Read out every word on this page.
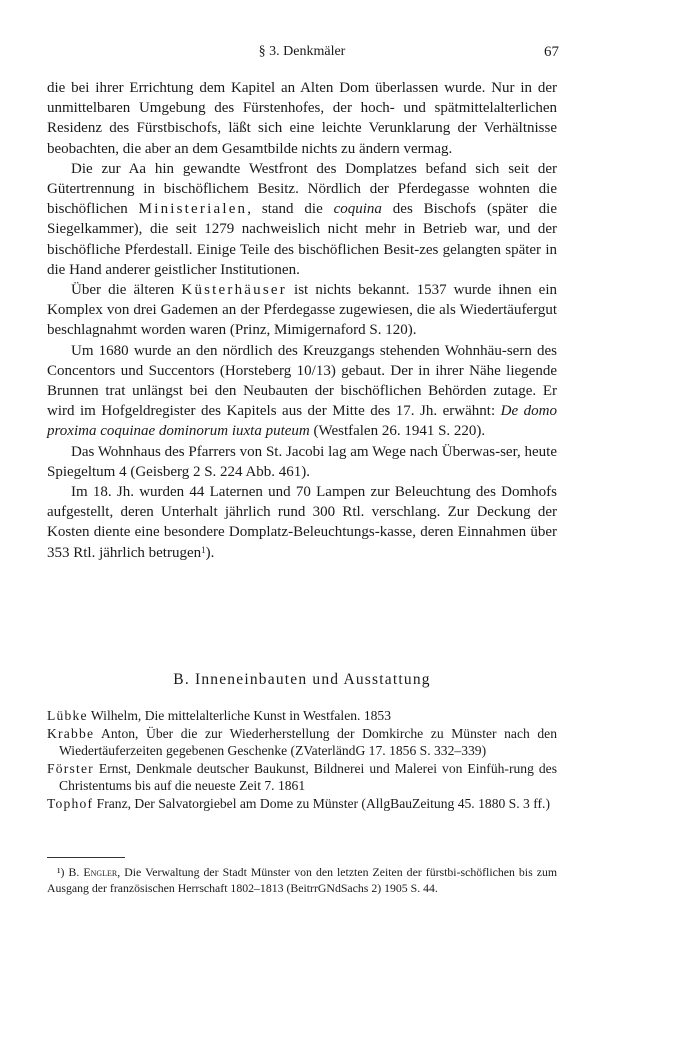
§ 3. Denkmäler	67

die bei ihrer Errichtung dem Kapitel an Alten Dom überlassen wurde. Nur in der unmittelbaren Umgebung des Fürstenhofes, der hoch- und spätmittelalterlichen Residenz des Fürstbischofs, läßt sich eine leichte Verunklarung der Verhältnisse beobachten, die aber an dem Gesamtbilde nichts zu ändern vermag.

Die zur Aa hin gewandte Westfront des Domplatzes befand sich seit der Gütertrennung in bischöflichem Besitz. Nördlich der Pferdegasse wohnten die bischöflichen Ministerialen, stand die coquina des Bischofs (später die Siegelkammer), die seit 1279 nachweislich nicht mehr in Betrieb war, und der bischöfliche Pferdestall. Einige Teile des bischöflichen Besit-zes gelangten später in die Hand anderer geistlicher Institutionen.

Über die älteren Küsterhäuser ist nichts bekannt. 1537 wurde ihnen ein Komplex von drei Gademen an der Pferdegasse zugewiesen, die als Wiedertäufergut beschlagnahmt worden waren (Prinz, Mimigernaford S. 120).

Um 1680 wurde an den nördlich des Kreuzgangs stehenden Wohnhäu-sern des Concentors und Succentors (Horsteberg 10/13) gebaut. Der in ihrer Nähe liegende Brunnen trat unlängst bei den Neubauten der bischöflichen Behörden zutage. Er wird im Hofgeldregister des Kapitels aus der Mitte des 17. Jh. erwähnt: De domo proxima coquinae dominorum iuxta puteum (Westfalen 26. 1941 S. 220).

Das Wohnhaus des Pfarrers von St. Jacobi lag am Wege nach Überwas-ser, heute Spiegeltum 4 (Geisberg 2 S. 224 Abb. 461).

Im 18. Jh. wurden 44 Laternen und 70 Lampen zur Beleuchtung des Domhofs aufgestellt, deren Unterhalt jährlich rund 300 Rtl. verschlang. Zur Deckung der Kosten diente eine besondere Domplatz-Beleuchtungs-kasse, deren Einnahmen über 353 Rtl. jährlich betrugen$^1$).

B. Inneneinbauten und Ausstattung

Lübke Wilhelm, Die mittelalterliche Kunst in Westfalen. 1853

Krabbe Anton, Über die zur Wiederherstellung der Domkirche zu Münster nach den Wiedertäuferzeiten gegebenen Geschenke (ZVaterländG 17. 1856 S. 332–339)

Förster Ernst, Denkmale deutscher Baukunst, Bildnerei und Malerei von Einfüh-rung des Christentums bis auf die neueste Zeit 7. 1861

Tophof Franz, Der Salvatorgiebel am Dome zu Münster (AllgBauZeitung 45. 1880 S. 3 ff.)

¹) B. Engler, Die Verwaltung der Stadt Münster von den letzten Zeiten der fürstbi-schöflichen bis zum Ausgang der französischen Herrschaft 1802–1813 (BeitrrGNdSachs 2) 1905 S. 44.
